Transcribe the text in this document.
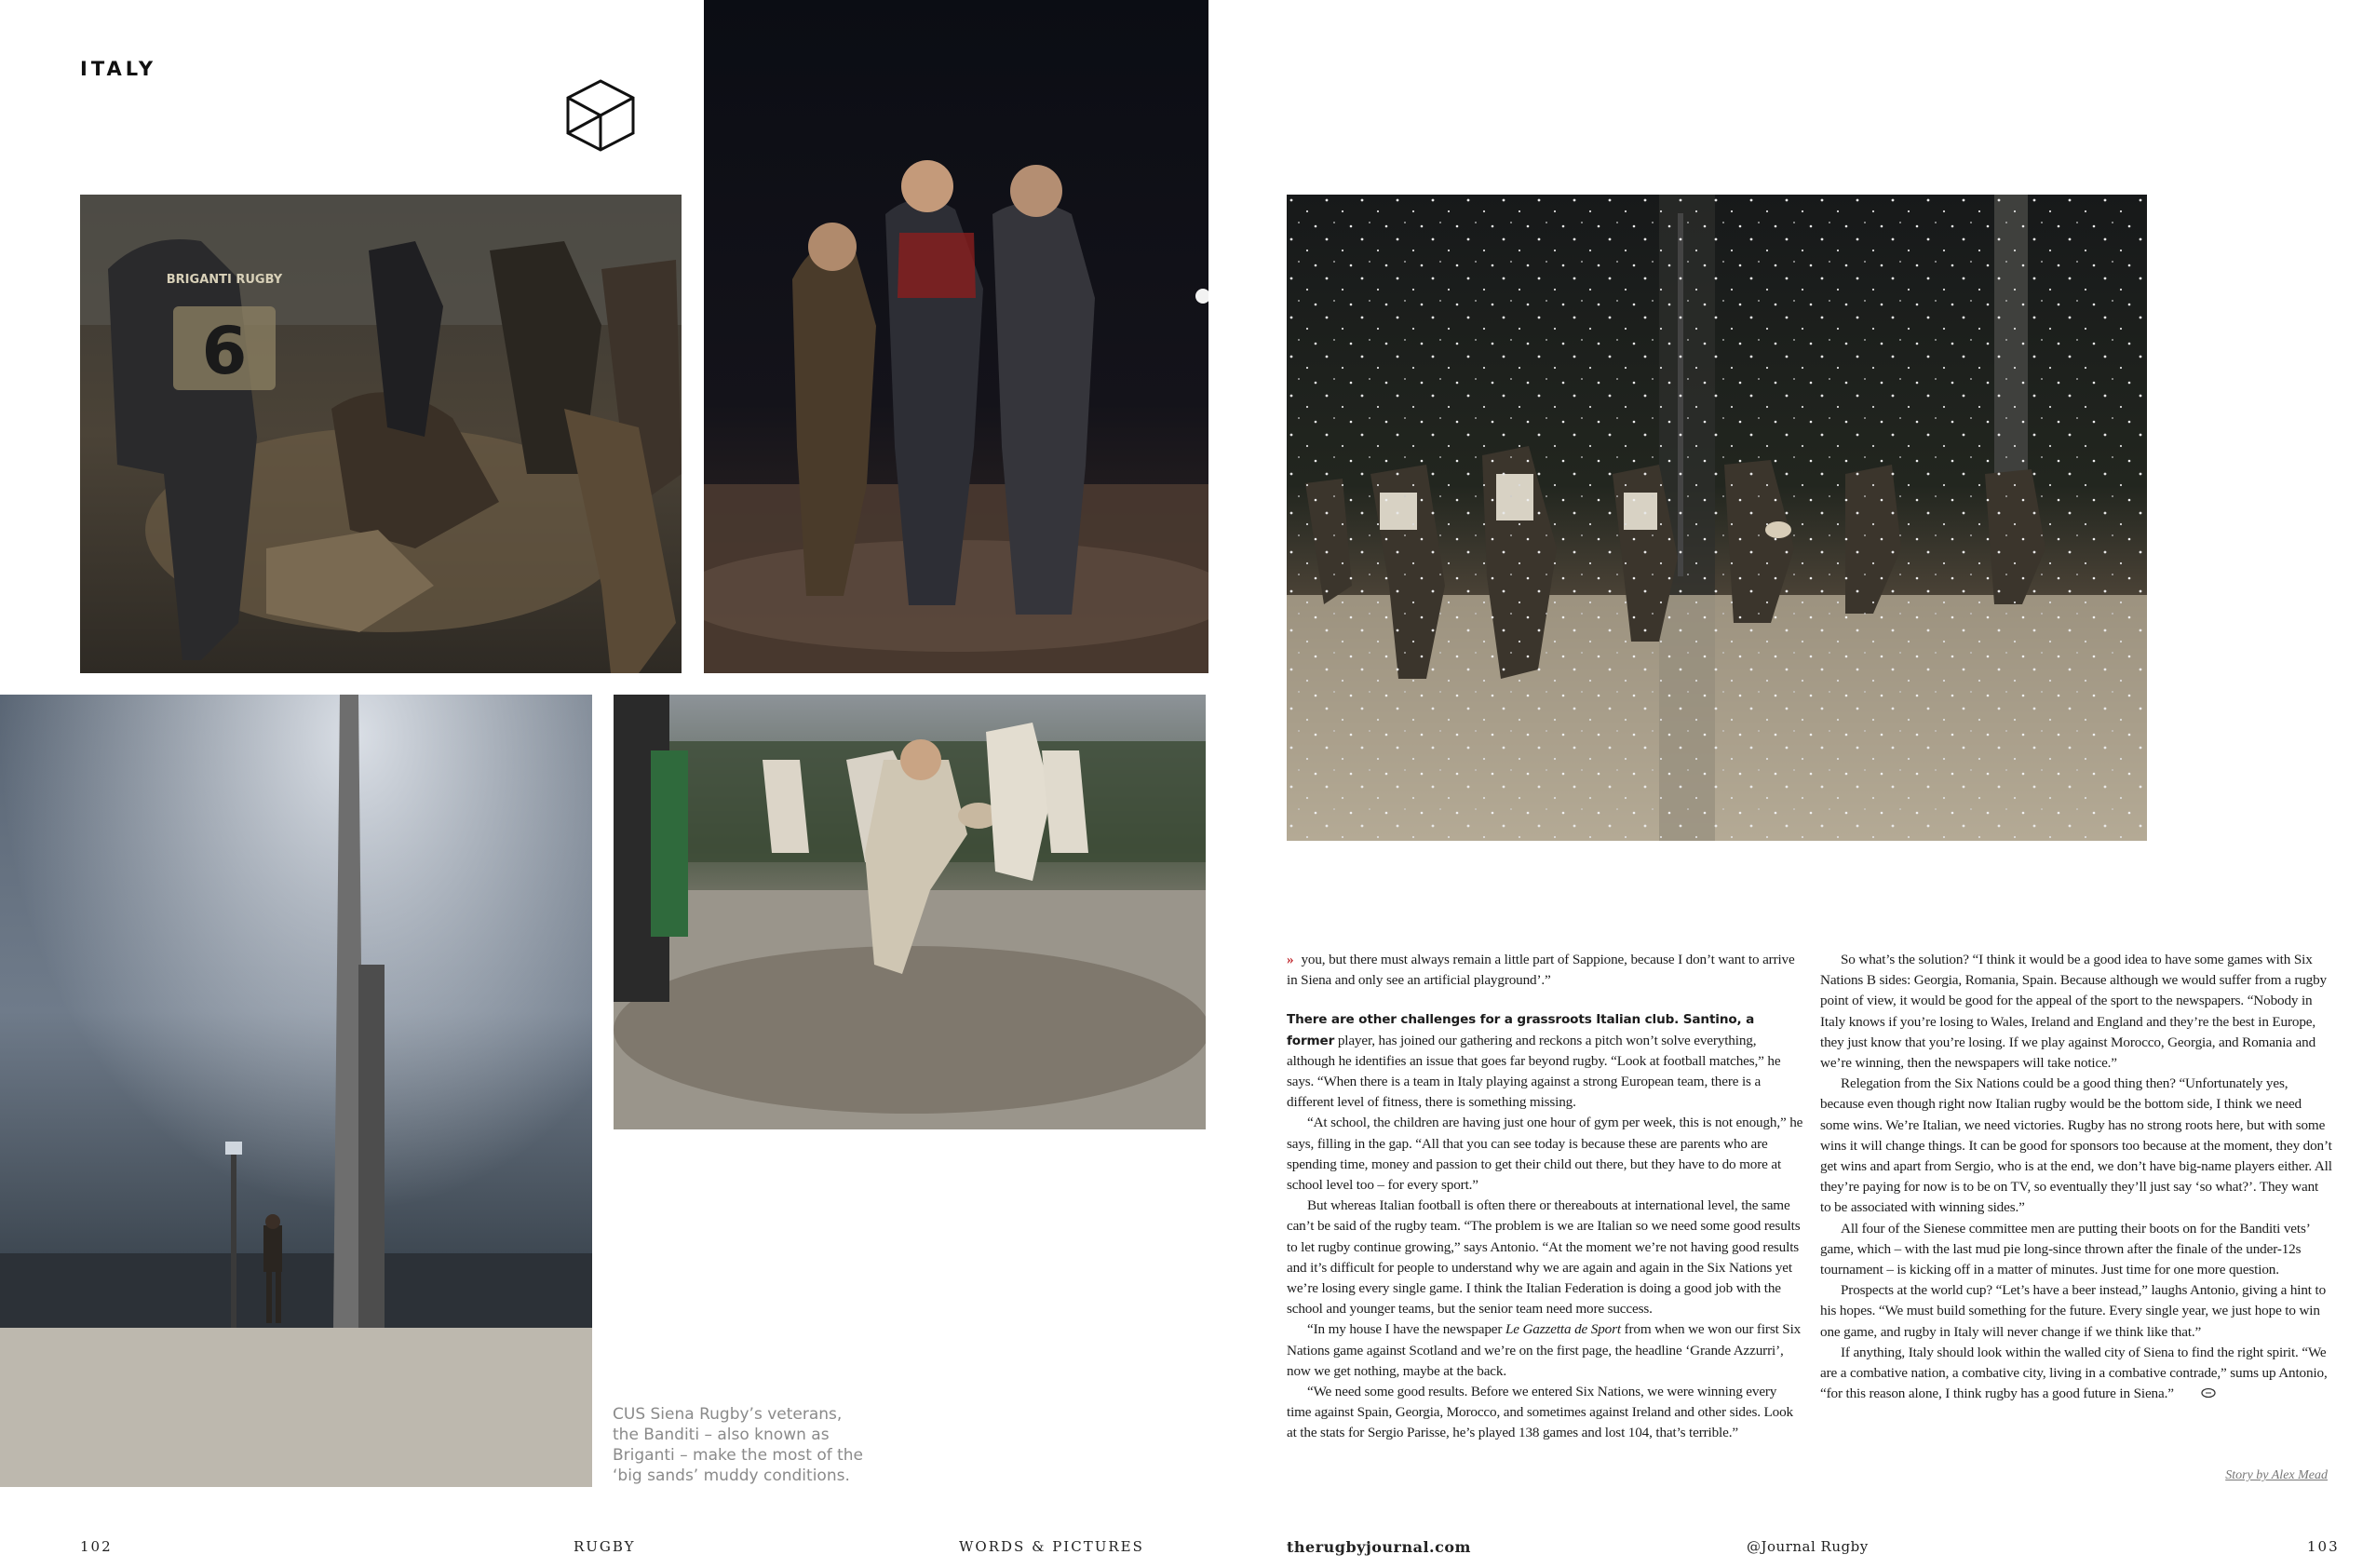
ITALY
6
BRIGANTI RUGBY
CUS Siena Rugby’s veterans,
the Banditi – also known as
Briganti – make the most of the
‘big sands’ muddy conditions.

» you, but there must always remain a little part of Sappione, because I don’t want to arrive in Siena and only see an artificial playground’.”

There are other challenges for a grassroots Italian club. Santino, a former player, has joined our gathering and reckons a pitch won’t solve everything, although he identifies an issue that goes far beyond rugby. “Look at football matches,” he says. “When there is a team in Italy playing against a strong European team, there is a different level of fitness, there is something missing.

“At school, the children are having just one hour of gym per week, this is not enough,” he says, filling in the gap. “All that you can see today is because these are parents who are spending time, money and passion to get their child out there, but they have to do more at school level too – for every sport.”

But whereas Italian football is often there or thereabouts at international level, the same can’t be said of the rugby team. “The problem is we are Italian so we need some good results to let rugby continue growing,” says Antonio. “At the moment we’re not having good results and it’s difficult for people to understand why we are again and again in the Six Nations yet we’re losing every single game. I think the Italian Federation is doing a good job with the school and younger teams, but the senior team need more success.

“In my house I have the newspaper Le Gazzetta de Sport from when we won our first Six Nations game against Scotland and we’re on the first page, the headline ‘Grande Azzurri’, now we get nothing, maybe at the back.

“We need some good results. Before we entered Six Nations, we were winning every time against Spain, Georgia, Morocco, and sometimes against Ireland and other sides. Look at the stats for Sergio Parisse, he’s played 138 games and lost 104, that’s terrible.”

So what’s the solution? “I think it would be a good idea to have some games with Six Nations B sides: Georgia, Romania, Spain. Because although we would suffer from a rugby point of view, it would be good for the appeal of the sport to the newspapers. “Nobody in Italy knows if you’re losing to Wales, Ireland and England and they’re the best in Europe, they just know that you’re losing. If we play against Morocco, Georgia, and Romania and we’re winning, then the newspapers will take notice.”

Relegation from the Six Nations could be a good thing then? “Unfortunately yes, because even though right now Italian rugby would be the bottom side, I think we need some wins. We’re Italian, we need victories. Rugby has no strong roots here, but with some wins it will change things. It can be good for sponsors too because at the moment, they don’t get wins and apart from Sergio, who is at the end, we don’t have big-name players either. All they’re paying for now is to be on TV, so eventually they’ll just say ‘so what?’. They want to be associated with winning sides.”

All four of the Sienese committee men are putting their boots on for the Banditi vets’ game, which – with the last mud pie long-since thrown after the finale of the under-12s tournament – is kicking off in a matter of minutes. Just time for one more question.

Prospects at the world cup? “Let’s have a beer instead,” laughs Antonio, giving a hint to his hopes. “We must build something for the future. Every single year, we just hope to win one game, and rugby in Italy will never change if we think like that.”

If anything, Italy should look within the walled city of Siena to find the right spirit. “We are a combative nation, a combative city, living in a combative contrade,” sums up Antonio, “for this reason alone, I think rugby has a good future in Siena.”

Story by Alex Mead
102	RUGBY	WORDS & PICTURES	therugbyjournal.com	@Journal Rugby	103
